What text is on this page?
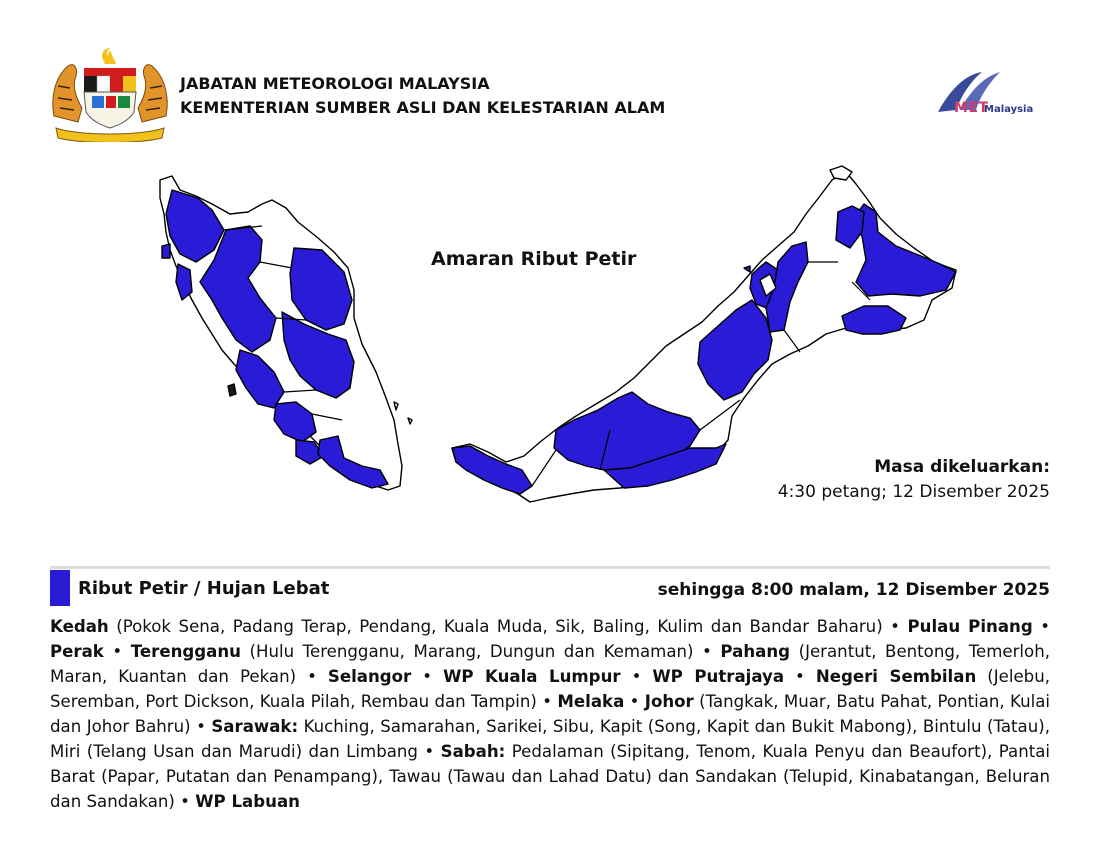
JABATAN METEOROLOGI MALAYSIA
KEMENTERIAN SUMBER ASLI DAN KELESTARIAN ALAM	MET
Malaysia
Amaran Ribut Petir
Masa dikeluarkan:
4:30 petang; 12 Disember 2025
Ribut Petir / Hujan Lebat	sehingga 8:00 malam, 12 Disember 2025
Kedah (Pokok Sena, Padang Terap, Pendang, Kuala Muda, Sik, Baling, Kulim dan Bandar Baharu) • Pulau Pinang • Perak • Terengganu (Hulu Terengganu, Marang, Dungun dan Kemaman) • Pahang (Jerantut, Bentong, Temerloh, Maran, Kuantan dan Pekan) • Selangor • WP Kuala Lumpur • WP Putrajaya • Negeri Sembilan (Jelebu, Seremban, Port Dickson, Kuala Pilah, Rembau dan Tampin) • Melaka • Johor (Tangkak, Muar, Batu Pahat, Pontian, Kulai dan Johor Bahru) • Sarawak: Kuching, Samarahan, Sarikei, Sibu, Kapit (Song, Kapit dan Bukit Mabong), Bintulu (Tatau), Miri (Telang Usan dan Marudi) dan Limbang • Sabah: Pedalaman (Sipitang, Tenom, Kuala Penyu dan Beaufort), Pantai Barat (Papar, Putatan dan Penampang), Tawau (Tawau dan Lahad Datu) dan Sandakan (Telupid, Kinabatangan, Beluran dan Sandakan) • WP Labuan
